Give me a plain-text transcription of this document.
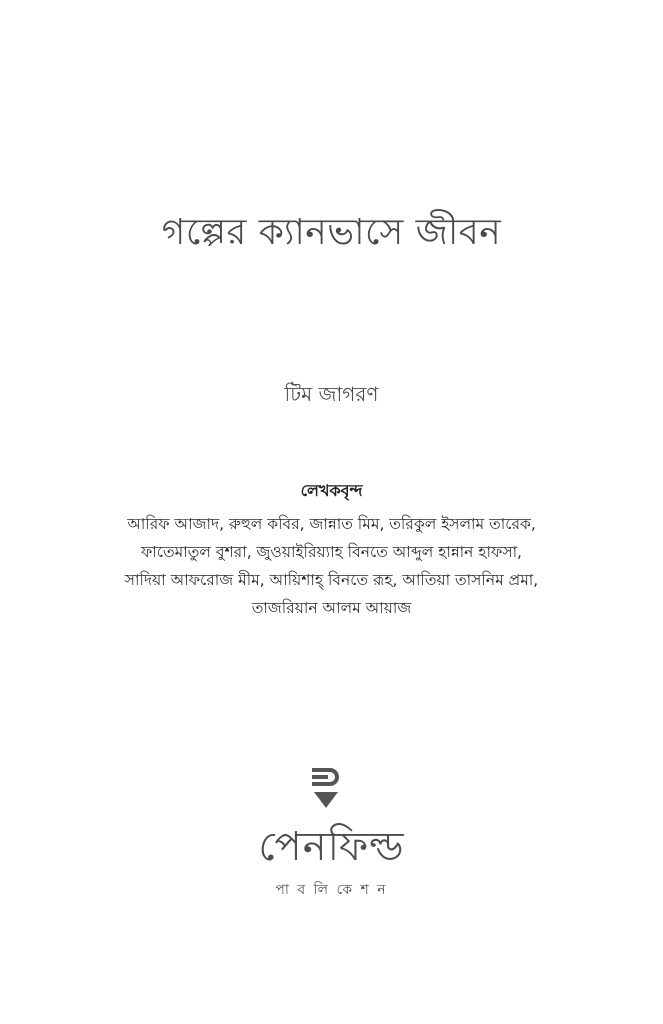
গল্পের ক্যানভাসে জীবন
টিম জাগরণ
লেখকবৃন্দ
আরিফ আজাদ, রুহুল কবির, জান্নাত মিম, তরিকুল ইসলাম তারেক,
ফাতেমাতুল বুশরা, জুওয়াইরিয়্যাহ বিনতে আব্দুল হান্নান হাফসা,
সাদিয়া আফরোজ মীম, আয়িশাহ্ বিনতে রূহ, আতিয়া তাসনিম প্রমা,
তাজরিয়ান আলম আয়াজ
পেনফিল্ড
পা ব লি কে শ ন
